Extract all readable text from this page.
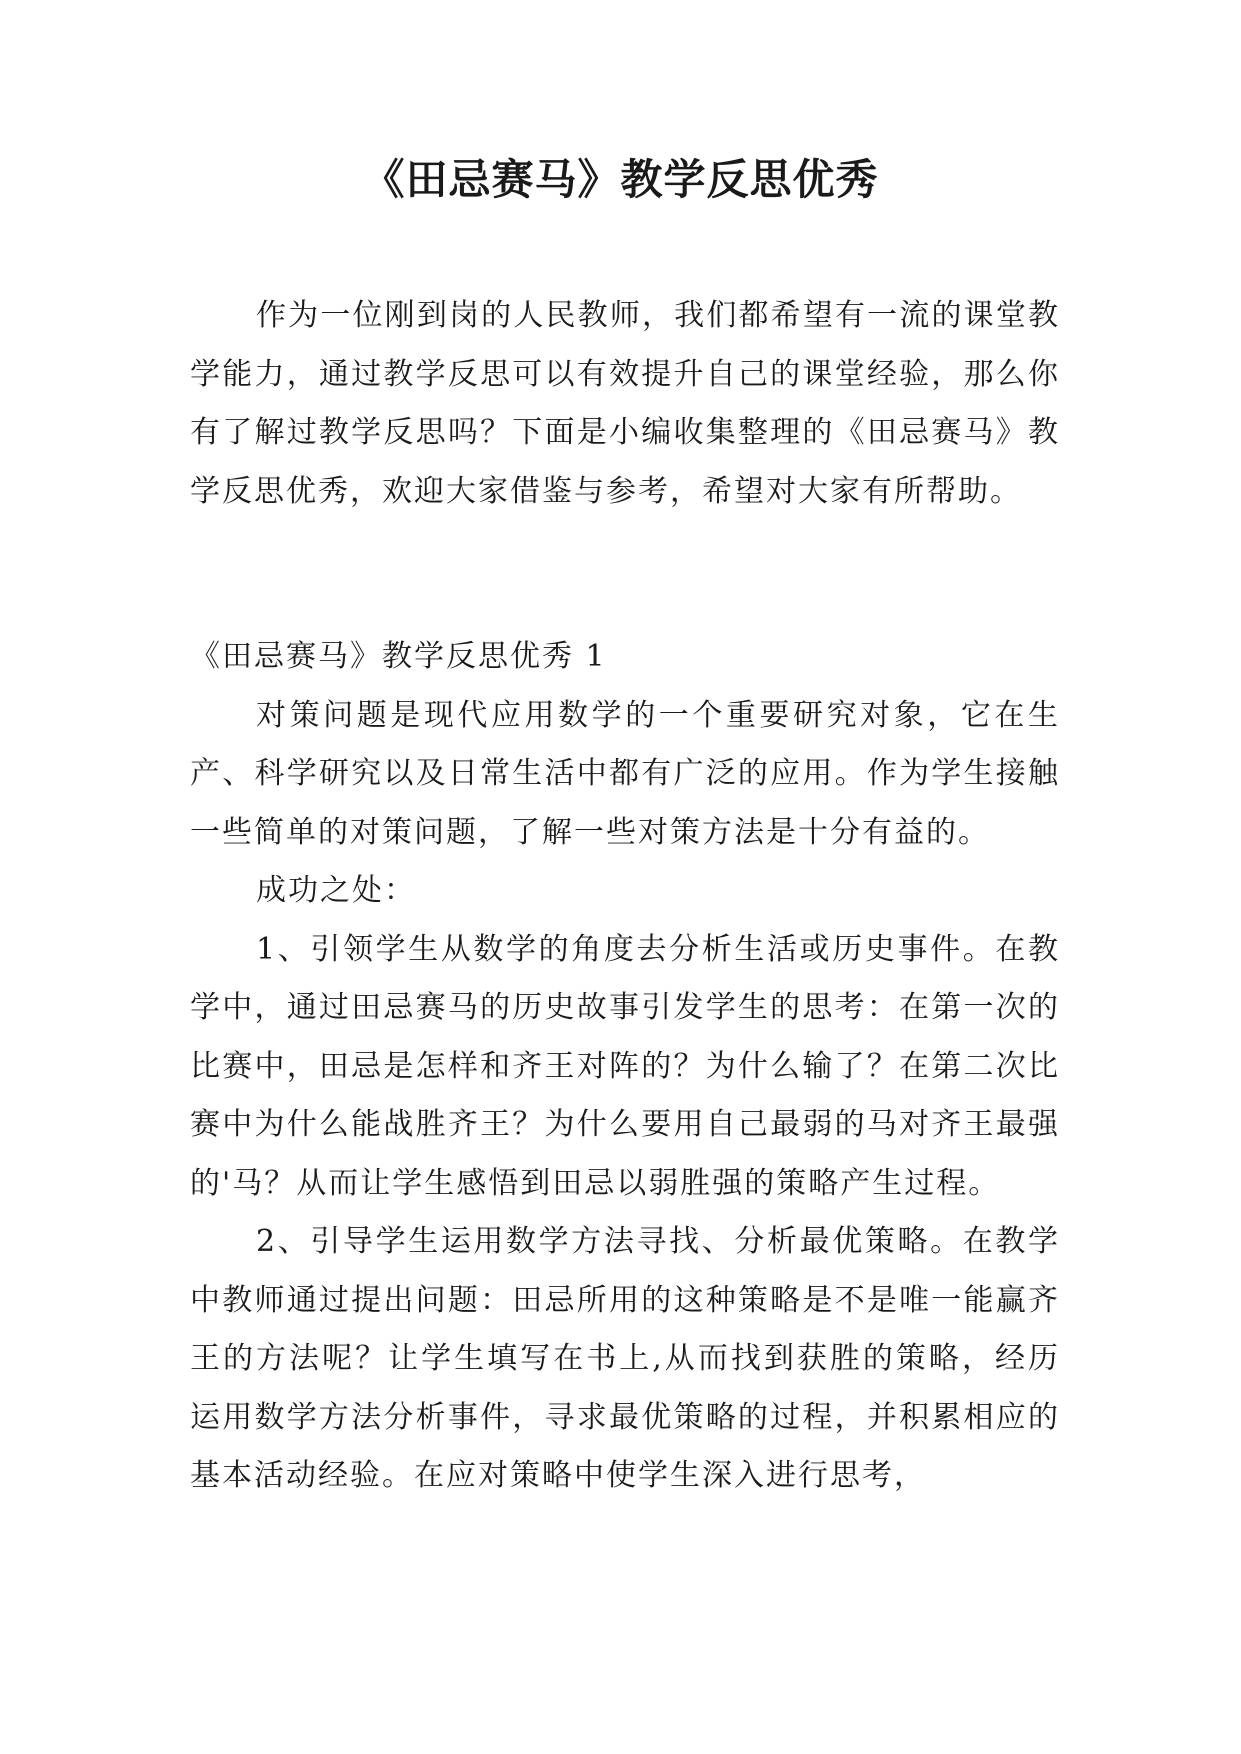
《田忌赛马》教学反思优秀

作为一位刚到岗的人民教师，我们都希望有一流的课堂教学能力，通过教学反思可以有效提升自己的课堂经验，那么你有了解过教学反思吗？下面是小编收集整理的《田忌赛马》教学反思优秀，欢迎大家借鉴与参考，希望对大家有所帮助。

《田忌赛马》教学反思优秀 1

对策问题是现代应用数学的一个重要研究对象，它在生产、科学研究以及日常生活中都有广泛的应用。作为学生接触一些简单的对策问题，了解一些对策方法是十分有益的。

成功之处：

1、引领学生从数学的角度去分析生活或历史事件。在教学中，通过田忌赛马的历史故事引发学生的思考：在第一次的比赛中，田忌是怎样和齐王对阵的？为什么输了？在第二次比赛中为什么能战胜齐王？为什么要用自己最弱的马对齐王最强的'马？从而让学生感悟到田忌以弱胜强的策略产生过程。

2、引导学生运用数学方法寻找、分析最优策略。在教学中教师通过提出问题：田忌所用的这种策略是不是唯一能赢齐王的方法呢？让学生填写在书上,从而找到获胜的策略，经历运用数学方法分析事件，寻求最优策略的过程，并积累相应的基本活动经验。在应对策略中使学生深入进行思考，
